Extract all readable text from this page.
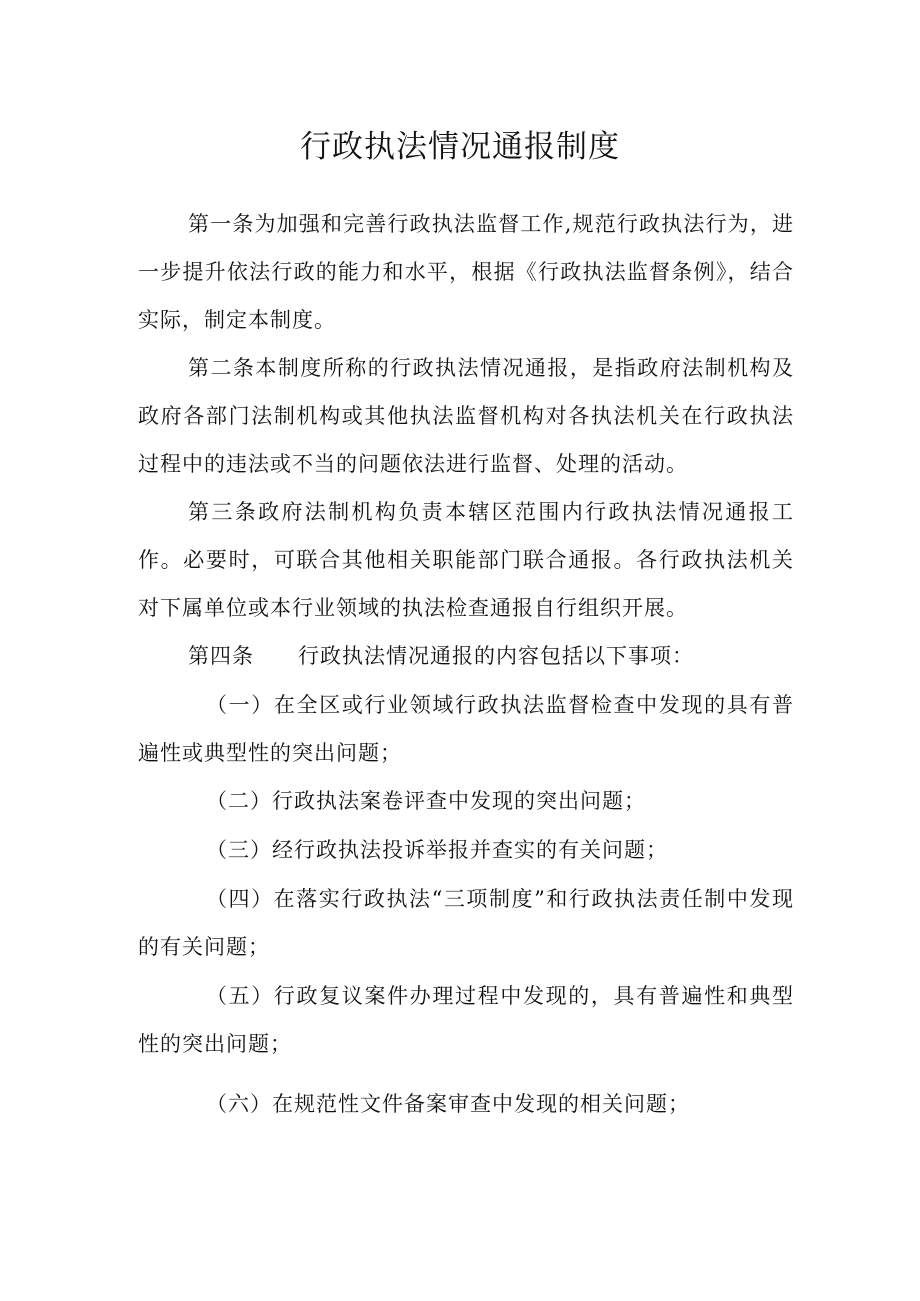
行政执法情况通报制度

第一条为加强和完善行政执法监督工作,规范行政执法行为，进一步提升依法行政的能力和水平，根据《行政执法监督条例》，结合实际，制定本制度。

第二条本制度所称的行政执法情况通报，是指政府法制机构及政府各部门法制机构或其他执法监督机构对各执法机关在行政执法过程中的违法或不当的问题依法进行监督、处理的活动。

第三条政府法制机构负责本辖区范围内行政执法情况通报工作。必要时，可联合其他相关职能部门联合通报。各行政执法机关对下属单位或本行业领域的执法检查通报自行组织开展。

第四条 行政执法情况通报的内容包括以下事项：

（一）在全区或行业领域行政执法监督检查中发现的具有普遍性或典型性的突出问题；

（二）行政执法案卷评查中发现的突出问题；

（三）经行政执法投诉举报并查实的有关问题；

（四）在落实行政执法“三项制度”和行政执法责任制中发现的有关问题；

（五）行政复议案件办理过程中发现的，具有普遍性和典型性的突出问题；

（六）在规范性文件备案审查中发现的相关问题；
